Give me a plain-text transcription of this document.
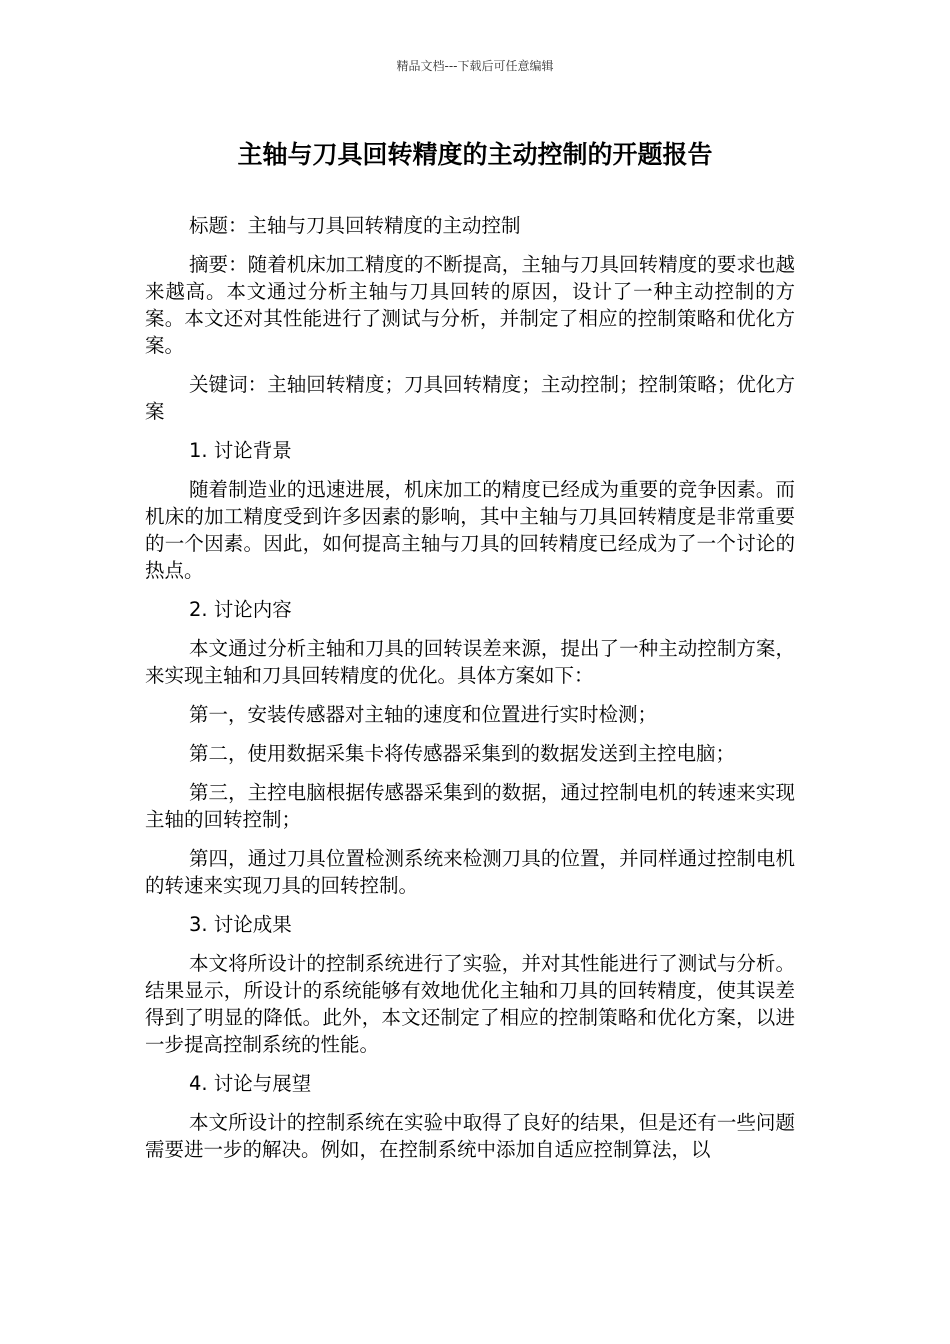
精品文档---下载后可任意编辑
主轴与刀具回转精度的主动控制的开题报告

标题：主轴与刀具回转精度的主动控制

摘要：随着机床加工精度的不断提高，主轴与刀具回转精度的要求也越来越高。本文通过分析主轴与刀具回转的原因，设计了一种主动控制的方案。本文还对其性能进行了测试与分析，并制定了相应的控制策略和优化方案。

关键词：主轴回转精度；刀具回转精度；主动控制；控制策略；优化方案

1. 讨论背景

随着制造业的迅速进展，机床加工的精度已经成为重要的竞争因素。而机床的加工精度受到许多因素的影响，其中主轴与刀具回转精度是非常重要的一个因素。因此，如何提高主轴与刀具的回转精度已经成为了一个讨论的热点。

2. 讨论内容

本文通过分析主轴和刀具的回转误差来源，提出了一种主动控制方案，来实现主轴和刀具回转精度的优化。具体方案如下：

第一，安装传感器对主轴的速度和位置进行实时检测；

第二，使用数据采集卡将传感器采集到的数据发送到主控电脑；

第三，主控电脑根据传感器采集到的数据，通过控制电机的转速来实现主轴的回转控制；

第四，通过刀具位置检测系统来检测刀具的位置，并同样通过控制电机的转速来实现刀具的回转控制。

3. 讨论成果

本文将所设计的控制系统进行了实验，并对其性能进行了测试与分析。结果显示，所设计的系统能够有效地优化主轴和刀具的回转精度，使其误差得到了明显的降低。此外，本文还制定了相应的控制策略和优化方案，以进一步提高控制系统的性能。

4. 讨论与展望

本文所设计的控制系统在实验中取得了良好的结果，但是还有一些问题需要进一步的解决。例如，在控制系统中添加自适应控制算法，以
